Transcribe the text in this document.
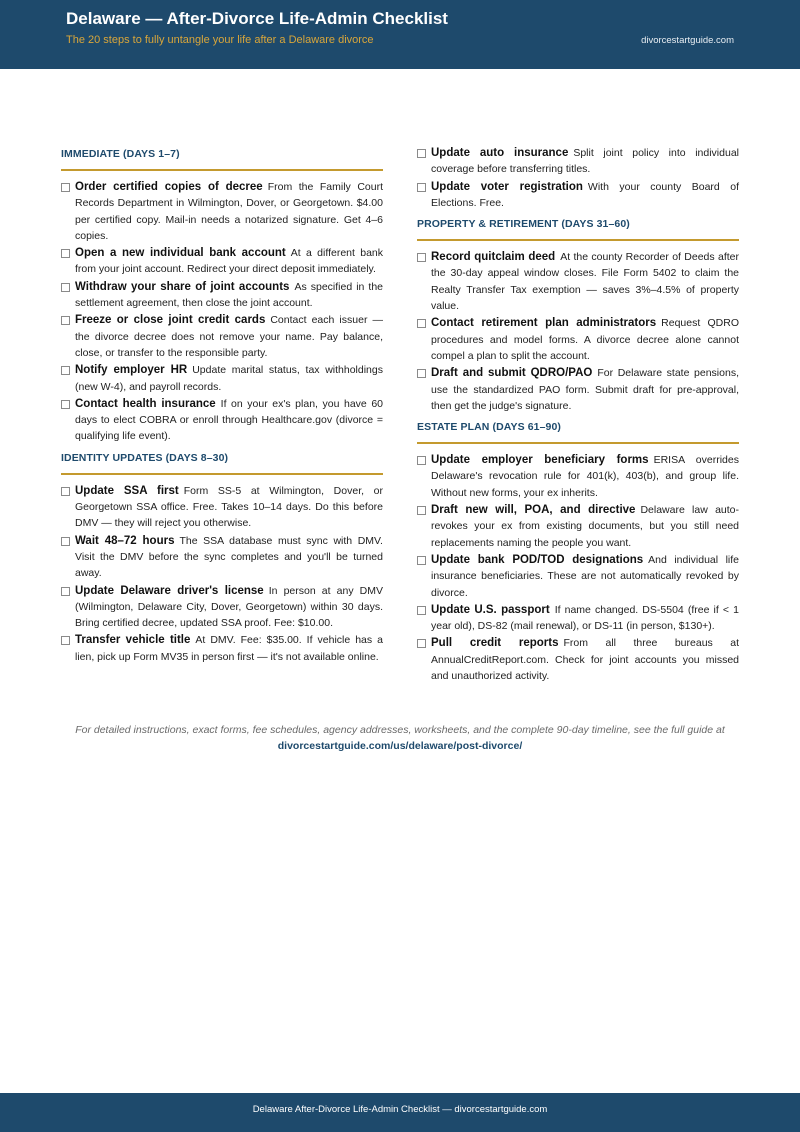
Delaware — After-Divorce Life-Admin Checklist
The 20 steps to fully untangle your life after a Delaware divorce	divorcestartguide.com
IMMEDIATE (DAYS 1–7)
Order certified copies of decree From the Family Court Records Department in Wilmington, Dover, or Georgetown. $4.00 per certified copy. Mail-in needs a notarized signature. Get 4–6 copies.
Open a new individual bank account At a different bank from your joint account. Redirect your direct deposit immediately.
Withdraw your share of joint accounts As specified in the settlement agreement, then close the joint account.
Freeze or close joint credit cards Contact each issuer — the divorce decree does not remove your name. Pay balance, close, or transfer to the responsible party.
Notify employer HR Update marital status, tax withholdings (new W-4), and payroll records.
Contact health insurance If on your ex's plan, you have 60 days to elect COBRA or enroll through Healthcare.gov (divorce = qualifying life event).
IDENTITY UPDATES (DAYS 8–30)
Update SSA first Form SS-5 at Wilmington, Dover, or Georgetown SSA office. Free. Takes 10–14 days. Do this before DMV — they will reject you otherwise.
Wait 48–72 hours The SSA database must sync with DMV. Visit the DMV before the sync completes and you'll be turned away.
Update Delaware driver's license In person at any DMV (Wilmington, Delaware City, Dover, Georgetown) within 30 days. Bring certified decree, updated SSA proof. Fee: $10.00.
Transfer vehicle title At DMV. Fee: $35.00. If vehicle has a lien, pick up Form MV35 in person first — it's not available online.
Update auto insurance Split joint policy into individual coverage before transferring titles.
Update voter registration With your county Board of Elections. Free.
PROPERTY & RETIREMENT (DAYS 31–60)
Record quitclaim deed At the county Recorder of Deeds after the 30-day appeal window closes. File Form 5402 to claim the Realty Transfer Tax exemption — saves 3%–4.5% of property value.
Contact retirement plan administrators Request QDRO procedures and model forms. A divorce decree alone cannot compel a plan to split the account.
Draft and submit QDRO/PAO For Delaware state pensions, use the standardized PAO form. Submit draft for pre-approval, then get the judge's signature.
ESTATE PLAN (DAYS 61–90)
Update employer beneficiary forms ERISA overrides Delaware's revocation rule for 401(k), 403(b), and group life. Without new forms, your ex inherits.
Draft new will, POA, and directive Delaware law auto-revokes your ex from existing documents, but you still need replacements naming the people you want.
Update bank POD/TOD designations And individual life insurance beneficiaries. These are not automatically revoked by divorce.
Update U.S. passport If name changed. DS-5504 (free if < 1 year old), DS-82 (mail renewal), or DS-11 (in person, $130+).
Pull credit reports From all three bureaus at AnnualCreditReport.com. Check for joint accounts you missed and unauthorized activity.
For detailed instructions, exact forms, fee schedules, agency addresses, worksheets, and the complete 90-day timeline, see the full guide at
divorcestartguide.com/us/delaware/post-divorce/
Delaware After-Divorce Life-Admin Checklist — divorcestartguide.com
